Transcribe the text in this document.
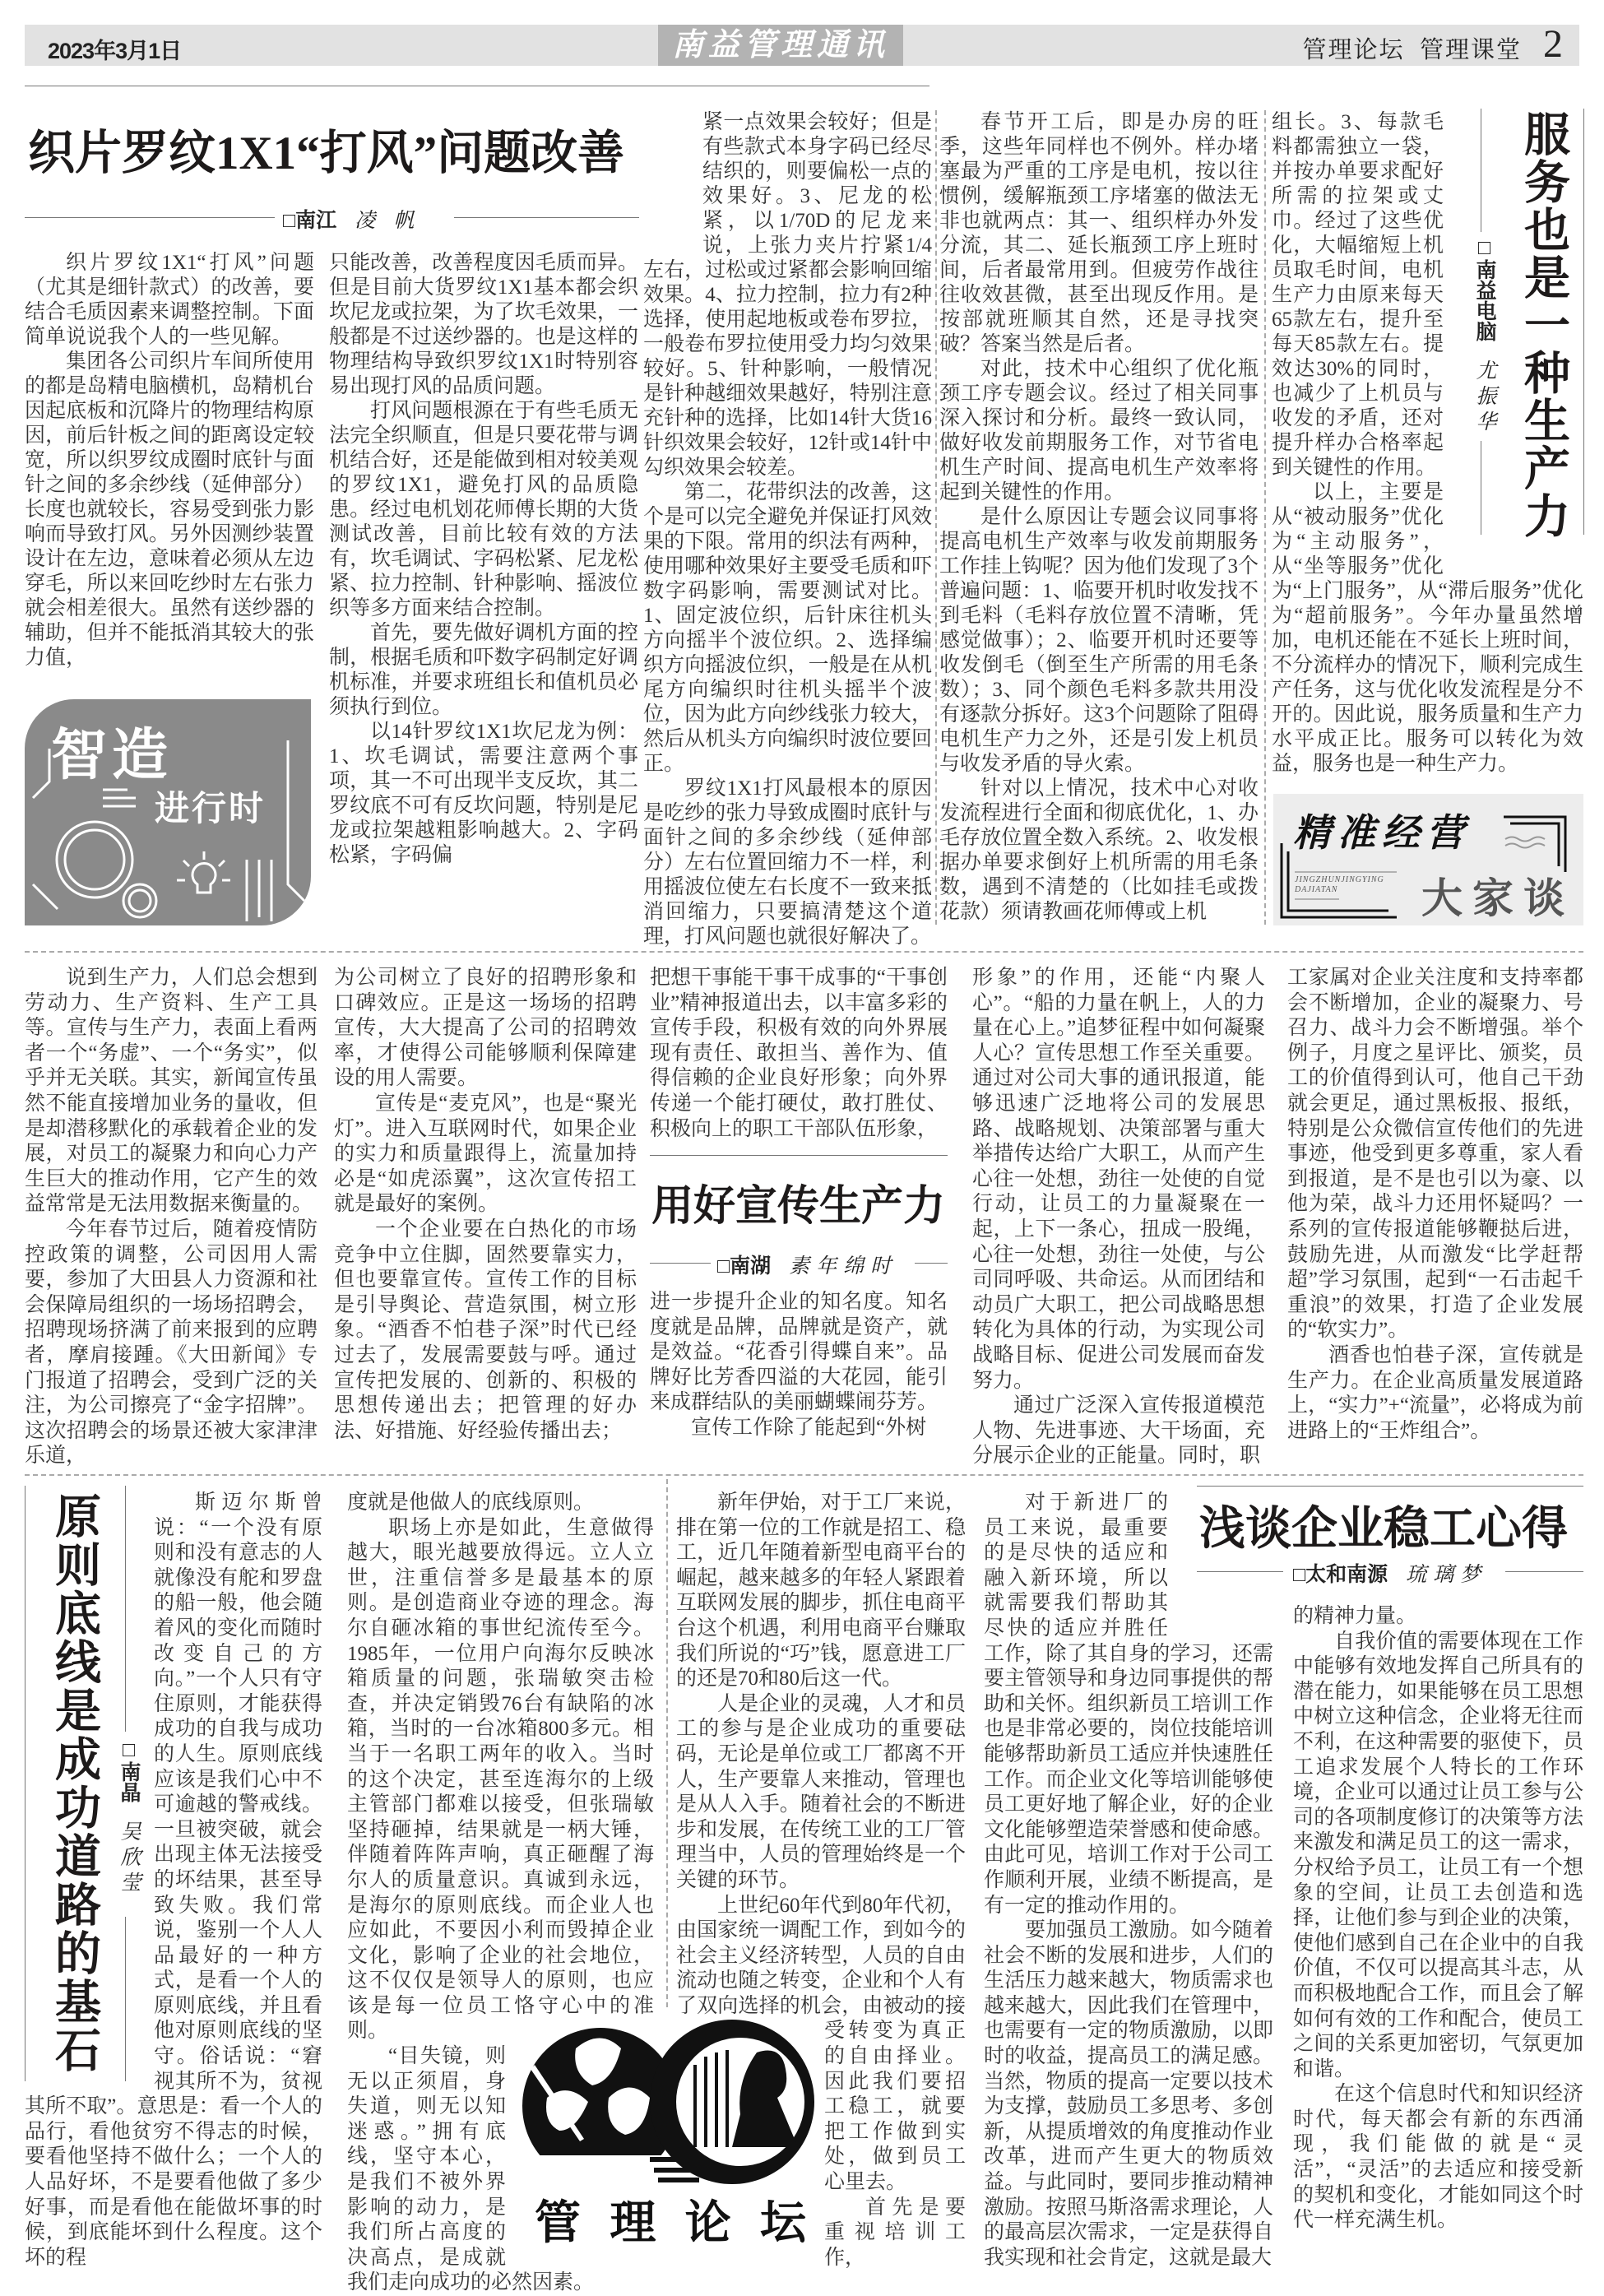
2023年3月1日	南益管理通讯	管理论坛  管理课堂 2
织片罗纹1X1“打风”问题改善
□南江 凌 帆

织片罗纹1X1“打风”问题（尤其是细针款式）的改善，要结合毛质因素来调整控制。下面简单说说我个人的一些见解。

集团各公司织片车间所使用的都是岛精电脑横机，岛精机台因起底板和沉降片的物理结构原因，前后针板之间的距离设定较宽，所以织罗纹成圈时底针与面针之间的多余纱线（延伸部分）长度也就较长，容易受到张力影响而导致打风。另外因测纱装置设计在左边，意味着必须从左边穿毛，所以来回吃纱时左右张力就会相差很大。虽然有送纱器的辅助，但并不能抵消其较大的张力值，

只能改善，改善程度因毛质而异。但是目前大货罗纹1X1基本都会织坎尼龙或拉架，为了坎毛效果，一般都是不过送纱器的。也是这样的物理结构导致织罗纹1X1时特别容易出现打风的品质问题。

打风问题根源在于有些毛质无法完全织顺直，但是只要花带与调机结合好，还是能做到相对较美观的罗纹1X1，避免打风的品质隐患。经过电机划花师傅长期的大货测试改善，目前比较有效的方法有，坎毛调试、字码松紧、尼龙松紧、拉力控制、针种影响、摇波位织等多方面来结合控制。

首先，要先做好调机方面的控制，根据毛质和吓数字码制定好调机标准，并要求班组长和值机员必须执行到位。

以14针罗纹1X1坎尼龙为例：1、坎毛调试，需要注意两个事项，其一不可出现半支反坎，其二罗纹底不可有反坎问题，特别是尼龙或拉架越粗影响越大。2、字码松紧，字码偏

紧一点效果会较好；但是有些款式本身字码已经尽结织的，则要偏松一点的效果好。3、尼龙的松紧，以1/70D的尼龙来说，上张力夹片拧紧1/4左右，过松或过紧都会影响回缩效果。4、拉力控制，拉力有2种选择，使用起地板或卷布罗拉，一般卷布罗拉使用受力均匀效果较好。5、针种影响，一般情况是针种越细效果越好，特别注意充针种的选择，比如14针大货16针织效果会较好，12针或14针中勾织效果会较差。

第二，花带织法的改善，这个是可以完全避免并保证打风效果的下限。常用的织法有两种，使用哪种效果好主要受毛质和吓数字码影响，需要测试对比。1、固定波位织，后针床往机头方向摇半个波位织。2、选择编织方向摇波位织，一般是在从机尾方向编织时往机头摇半个波位，因为此方向纱线张力较大，然后从机头方向编织时波位要回正。

罗纹1X1打风最根本的原因是吃纱的张力导致成圈时底针与面针之间的多余纱线（延伸部分）左右位置回缩力不一样，利用摇波位使左右长度不一致来抵消回缩力，只要搞清楚这个道理，打风问题也就很好解决了。

智造
进行时

春节开工后，即是办房的旺季，这些年同样也不例外。样办堵塞最为严重的工序是电机，按以往惯例，缓解瓶颈工序堵塞的做法无非也就两点：其一、组织样办外发分流，其二、延长瓶颈工序上班时间，后者最常用到。但疲劳作战往往收效甚微，甚至出现反作用。是按部就班顺其自然，还是寻找突破？答案当然是后者。

对此，技术中心组织了优化瓶颈工序专题会议。经过了相关同事深入探讨和分析。最终一致认同，做好收发前期服务工作，对节省电机生产时间、提高电机生产效率将起到关键性的作用。

是什么原因让专题会议同事将提高电机生产效率与收发前期服务工作挂上钩呢？因为他们发现了3个普遍问题：1、临要开机时收发找不到毛料（毛料存放位置不清晰，凭感觉做事）；2、临要开机时还要等收发倒毛（倒至生产所需的用毛条数）；3、同个颜色毛料多款共用没有逐款分拆好。这3个问题除了阻碍电机生产力之外，还是引发上机员与收发矛盾的导火索。

针对以上情况，技术中心对收发流程进行全面和彻底优化，1、办毛存放位置全数入系统。2、收发根据办单要求倒好上机所需的用毛条数，遇到不清楚的（比如挂毛或拨花款）须请教画花师傅或上机

组长。3、每款毛料都需独立一袋，并按办单要求配好所需的拉架或丈巾。经过了这些优化，大幅缩短上机员取毛时间，电机生产力由原来每天65款左右，提升至每天85款左右。提效达30%的同时，也减少了上机员与收发的矛盾，还对提升样办合格率起到关键性的作用。

以上，主要是从“被动服务”优化为“主动服务”，从“坐等服务”优化为“上门服务”，从“滞后服务”优化为“超前服务”。今年办量虽然增加，电机还能在不延长上班时间，不分流样办的情况下，顺利完成生产任务，这与优化收发流程是分不开的。因此说，服务质量和生产力水平成正比。服务可以转化为效益，服务也是一种生产力。

□南益电脑尤振华 服务也是一种生产力
精准经营
大家谈
JINGZHUNJINGYING
DAJIATAN

说到生产力，人们总会想到劳动力、生产资料、生产工具等。宣传与生产力，表面上看两者一个“务虚”、一个“务实”，似乎并无关联。其实，新闻宣传虽然不能直接增加业务的量收，但是却潜移默化的承载着企业的发展，对员工的凝聚力和向心力产生巨大的推动作用，它产生的效益常常是无法用数据来衡量的。

今年春节过后，随着疫情防控政策的调整，公司因用人需要，参加了大田县人力资源和社会保障局组织的一场场招聘会，招聘现场挤满了前来报到的应聘者，摩肩接踵。《大田新闻》专门报道了招聘会，受到广泛的关注，为公司擦亮了“金字招牌”。这次招聘会的场景还被大家津津乐道，

为公司树立了良好的招聘形象和口碑效应。正是这一场场的招聘宣传，大大提高了公司的招聘效率，才使得公司能够顺利保障建设的用人需要。

宣传是“麦克风”，也是“聚光灯”。进入互联网时代，如果企业的实力和质量跟得上，流量加持必是“如虎添翼”，这次宣传招工就是最好的案例。

一个企业要在白热化的市场竞争中立住脚，固然要靠实力，但也要靠宣传。宣传工作的目标是引导舆论、营造氛围，树立形象。“酒香不怕巷子深”时代已经过去了，发展需要鼓与呼。通过宣传把发展的、创新的、积极的思想传递出去；把管理的好办法、好措施、好经验传播出去；

把想干事能干事干成事的“干事创业”精神报道出去，以丰富多彩的宣传手段，积极有效的向外界展现有责任、敢担当、善作为、值得信赖的企业良好形象；向外界传递一个能打硬仗，敢打胜仗、积极向上的职工干部队伍形象，

用好宣传生产力
□南湖 素年绵时

进一步提升企业的知名度。知名度就是品牌，品牌就是资产，就是效益。“花香引得蝶自来”。品牌好比芳香四溢的大花园，能引来成群结队的美丽蝴蝶闹芬芳。

宣传工作除了能起到“外树

形象”的作用，还能“内聚人心”。“船的力量在帆上，人的力量在心上。”追梦征程中如何凝聚人心？宣传思想工作至关重要。通过对公司大事的通讯报道，能够迅速广泛地将公司的发展思路、战略规划、决策部署与重大举措传达给广大职工，从而产生心往一处想，劲往一处使的自觉行动，让员工的力量凝聚在一起，上下一条心，扭成一股绳，心往一处想，劲往一处使，与公司同呼吸、共命运。从而团结和动员广大职工，把公司战略思想转化为具体的行动，为实现公司战略目标、促进公司发展而奋发努力。

通过广泛深入宣传报道模范人物、先进事迹、大干场面，充分展示企业的正能量。同时，职

工家属对企业关注度和支持率都会不断增加，企业的凝聚力、号召力、战斗力会不断增强。举个例子，月度之星评比、颁奖，员工的价值得到认可，他自己干劲就会更足，通过黑板报、报纸，特别是公众微信宣传他们的先进事迹，他受到更多尊重，家人看到报道，是不是也引以为豪、以他为荣，战斗力还用怀疑吗？一系列的宣传报道能够鞭挞后进，鼓励先进，从而激发“比学赶帮超”学习氛围，起到“一石击起千重浪”的效果，打造了企业发展的“软实力”。

酒香也怕巷子深，宣传就是生产力。在企业高质量发展道路上，“实力”+“流量”，必将成为前进路上的“王炸组合”。

原则底线是成功道路的基石 □南晶吴欣莹

斯迈尔斯曾说：“一个没有原则和没有意志的人就像没有舵和罗盘的船一般，他会随着风的变化而随时改变自己的方向。”一个人只有守住原则，才能获得成功的自我与成功的人生。原则底线应该是我们心中不可逾越的警戒线。一旦被突破，就会出现主体无法接受的坏结果，甚至导致失败。我们常说，鉴别一个人人品最好的一种方式，是看一个人的原则底线，并且看他对原则底线的坚守。俗话说：“窘视其所不为，贫视其所不取”。意思是：看一个人的品行，看他贫穷不得志的时候，要看他坚持不做什么；一个人的人品好坏，不是要看他做了多少好事，而是看他在能做坏事的时候，到底能坏到什么程度。这个坏的程

度就是他做人的底线原则。

职场上亦是如此，生意做得越大，眼光越要放得远。立人立世，注重信誉多是最基本的原则。是创造商业夺迹的理念。海尔自砸冰箱的事世纪流传至今。1985年，一位用户向海尔反映冰箱质量的问题，张瑞敏突击检查，并决定销毁76台有缺陷的冰箱，当时的一台冰箱800多元。相当于一名职工两年的收入。当时的这个决定，甚至连海尔的上级主管部门都难以接受，但张瑞敏坚持砸掉，结果就是一柄大锤，伴随着阵阵声响，真正砸醒了海尔人的质量意识。真诚到永远，是海尔的原则底线。而企业人也应如此，不要因小利而毁掉企业文化，影响了企业的社会地位，这不仅仅是领导人的原则，也应该是每一位员工恪守心中的准则。

“目失镜，则无以正须眉，身失道，则无以知迷惑。”拥有底线，坚守本心，是我们不被外界影响的动力，是我们所占高度的决高点，是成就我们走向成功的必然因素。

新年伊始，对于工厂来说，排在第一位的工作就是招工、稳工，近几年随着新型电商平台的崛起，越来越多的年轻人紧跟着互联网发展的脚步，抓住电商平台这个机遇，利用电商平台赚取我们所说的“巧”钱，愿意进工厂的还是70和80后这一代。

人是企业的灵魂，人才和员工的参与是企业成功的重要砝码，无论是单位或工厂都离不开人，生产要靠人来推动，管理也是从人入手。随着社会的不断进步和发展，在传统工业的工厂管理当中，人员的管理始终是一个关键的环节。

上世纪60年代到80年代初，由国家统一调配工作，到如今的社会主义经济转型，人员的自由流动也随之转变，企业和个人有了双向选择的机会，由被动的接受转变为真正的自由择业。因此我们要招工稳工，就要把工作做到实处，做到员工心里去。

首先是要重视培训工作，

管 理 论 坛

对于新进厂的员工来说，最重要的是尽快的适应和融入新环境，所以就需要我们帮助其尽快的适应并胜任工作，除了其自身的学习，还需要主管领导和身边同事提供的帮助和关怀。组织新员工培训工作也是非常必要的，岗位技能培训能够帮助新员工适应并快速胜任工作。而企业文化等培训能够使员工更好地了解企业，好的企业文化能够塑造荣誉感和使命感。由此可见，培训工作对于公司工作顺利开展，业绩不断提高，是有一定的推动作用的。

要加强员工激励。如今随着社会不断的发展和进步，人们的生活压力越来越大，物质需求也越来越大，因此我们在管理中，也需要有一定的物质激励，以即时的收益，提高员工的满足感。当然，物质的提高一定要以技术为支撑，鼓励员工多思考、多创新，从提质增效的角度推动作业改革，进而产生更大的物质效益。与此同时，要同步推动精神激励。按照马斯洛需求理论，人的最高层次需求，一定是获得自我实现和社会肯定，这就是最大

浅谈企业稳工心得
□太和南源 琉璃梦

的精神力量。

自我价值的需要体现在工作中能够有效地发挥自己所具有的潜在能力，如果能够在员工思想中树立这种信念，企业将无往而不利，在这种需要的驱使下，员工追求发展个人特长的工作环境，企业可以通过让员工参与公司的各项制度修订的决策等方法来激发和满足员工的这一需求，分权给予员工，让员工有一个想象的空间，让员工去创造和选择，让他们参与到企业的决策，使他们感到自己在企业中的自我价值，不仅可以提高其斗志，从而积极地配合工作，而且会了解如何有效的工作和配合，使员工之间的关系更加密切，气氛更加和谐。

在这个信息时代和知识经济时代，每天都会有新的东西涌现，我们能做的就是“灵活”，“灵活”的去适应和接受新的契机和变化，才能如同这个时代一样充满生机。
